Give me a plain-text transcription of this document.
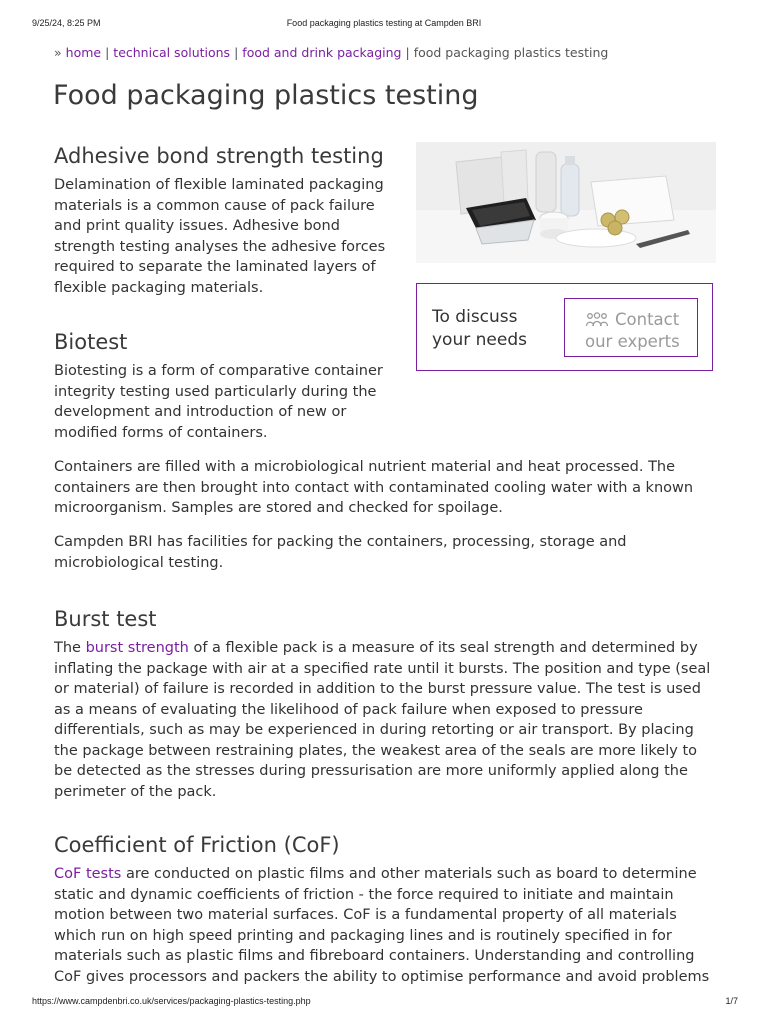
9/25/24, 8:25 PM	Food packaging plastics testing at Campden BRI
» home | technical solutions | food and drink packaging | food packaging plastics testing
Food packaging plastics testing
Adhesive bond strength testing

Delamination of flexible laminated packaging materials is a common cause of pack failure and print quality issues. Adhesive bond strength testing analyses the adhesive forces required to separate the laminated layers of flexible packaging materials.

Biotest

Biotesting is a form of comparative container integrity testing used particularly during the development and introduction of new or modified forms of containers.

To discuss your needs
Contact our experts

Containers are filled with a microbiological nutrient material and heat processed. The containers are then brought into contact with contaminated cooling water with a known microorganism. Samples are stored and checked for spoilage.

Campden BRI has facilities for packing the containers, processing, storage and microbiological testing.

Burst test

The burst strength of a flexible pack is a measure of its seal strength and determined by inflating the package with air at a specified rate until it bursts. The position and type (seal or material) of failure is recorded in addition to the burst pressure value. The test is used as a means of evaluating the likelihood of pack failure when exposed to pressure differentials, such as may be experienced in during retorting or air transport. By placing the package between restraining plates, the weakest area of the seals are more likely to be detected as the stresses during pressurisation are more uniformly applied along the perimeter of the pack.

Coefficient of Friction (CoF)

CoF tests are conducted on plastic films and other materials such as board to determine static and dynamic coefficients of friction - the force required to initiate and maintain motion between two material surfaces. CoF is a fundamental property of all materials which run on high speed printing and packaging lines and is routinely specified in for materials such as plastic films and fibreboard containers. Understanding and controlling CoF gives processors and packers the ability to optimise performance and avoid problems

https://www.campdenbri.co.uk/services/packaging-plastics-testing.php	1/7
